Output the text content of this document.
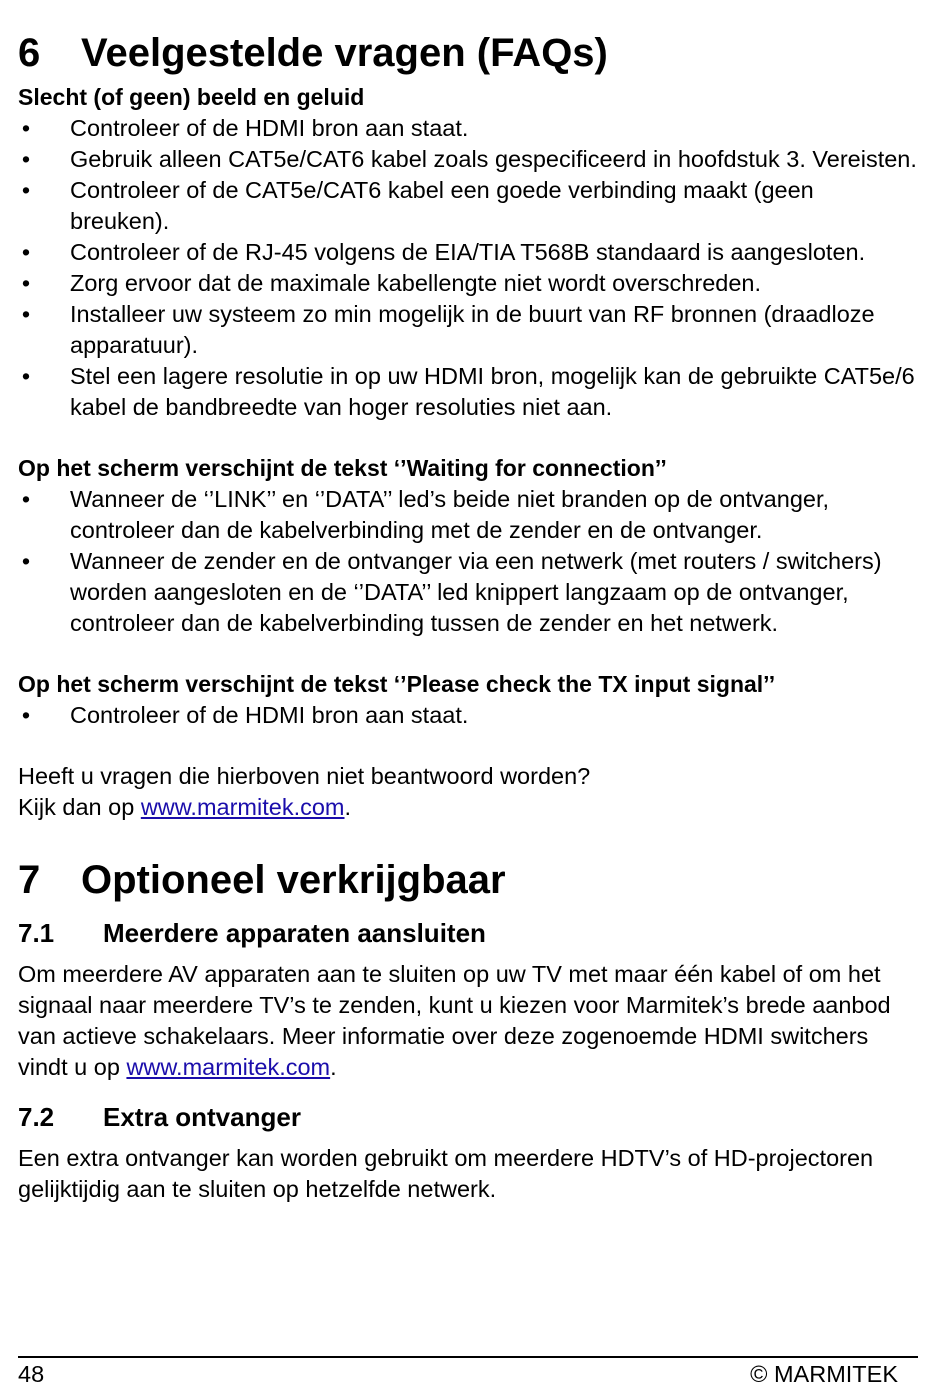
6	Veelgestelde vragen (FAQs)
Slecht (of geen) beeld en geluid
• Controleer of de HDMI bron aan staat.
• Gebruik alleen CAT5e/CAT6 kabel zoals gespecificeerd in hoofdstuk 3. Vereisten.
• Controleer of de CAT5e/CAT6 kabel een goede verbinding maakt (geen breuken).
• Controleer of de RJ-45 volgens de EIA/TIA T568B standaard is aangesloten.
• Zorg ervoor dat de maximale kabellengte niet wordt overschreden.
• Installeer uw systeem zo min mogelijk in de buurt van RF bronnen (draadloze apparatuur).
• Stel een lagere resolutie in op uw HDMI bron, mogelijk kan de gebruikte CAT5e/6 kabel de bandbreedte van hoger resoluties niet aan.
Op het scherm verschijnt de tekst ‘’Waiting for connection’’
• Wanneer de ‘’LINK’’ en ‘’DATA’’ led’s beide niet branden op de ontvanger, controleer dan de kabelverbinding met de zender en de ontvanger.
• Wanneer de zender en de ontvanger via een netwerk (met routers / switchers) worden aangesloten en de ‘’DATA’’ led knippert langzaam op de ontvanger, controleer dan de kabelverbinding tussen de zender en het netwerk.
Op het scherm verschijnt de tekst ‘’Please check the TX input signal’’
• Controleer of de HDMI bron aan staat.

Heeft u vragen die hierboven niet beantwoord worden?

Kijk dan op www.marmitek.com.

7	Optioneel verkrijgbaar
7.1	Meerdere apparaten aansluiten

Om meerdere AV apparaten aan te sluiten op uw TV met maar één kabel of om het signaal naar meerdere TV’s te zenden, kunt u kiezen voor Marmitek’s brede aanbod van actieve schakelaars. Meer informatie over deze zogenoemde HDMI switchers vindt u op www.marmitek.com.

7.2	Extra ontvanger

Een extra ontvanger kan worden gebruikt om meerdere HDTV’s of HD-projectoren gelijktijdig aan te sluiten op hetzelfde netwerk.

48	© MARMITEK
